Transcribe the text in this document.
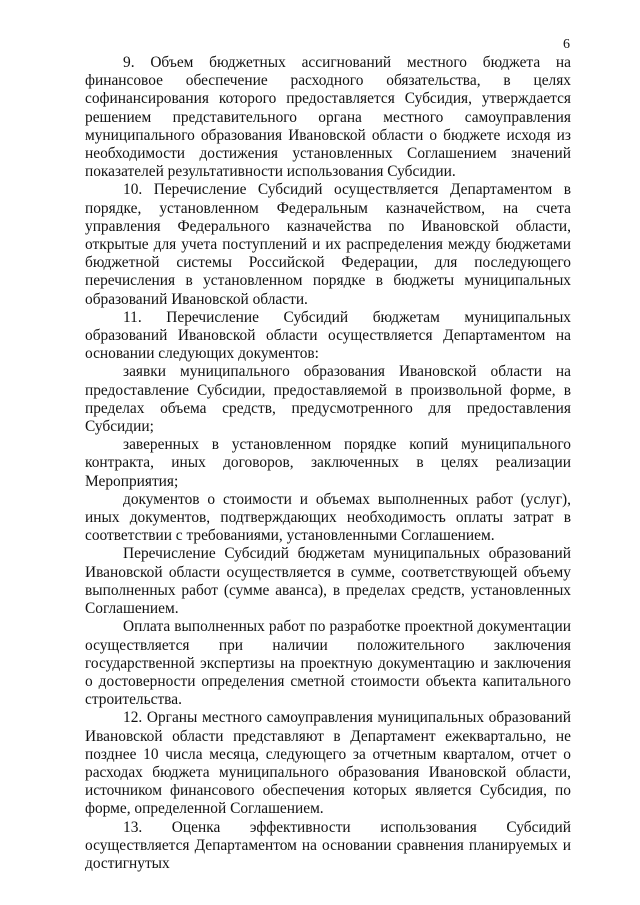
6

9. Объем бюджетных ассигнований местного бюджета на финансовое обеспечение расходного обязательства, в целях софинансирования которого предоставляется Субсидия, утверждается решением представительного органа местного самоуправления муниципального образования Ивановской области о бюджете исходя из необходимости достижения установленных Соглашением значений показателей результативности использования Субсидии.

10. Перечисление Субсидий осуществляется Департаментом в порядке, установленном Федеральным казначейством, на счета управления Федерального казначейства по Ивановской области, открытые для учета поступлений и их распределения между бюджетами бюджетной системы Российской Федерации, для последующего перечисления в установленном порядке в бюджеты муниципальных образований Ивановской области.

11. Перечисление Субсидий бюджетам муниципальных образований Ивановской области осуществляется Департаментом на основании следующих документов:

заявки муниципального образования Ивановской области на предоставление Субсидии, предоставляемой в произвольной форме, в пределах объема средств, предусмотренного для предоставления Субсидии;

заверенных в установленном порядке копий муниципального контракта, иных договоров, заключенных в целях реализации Мероприятия;

документов о стоимости и объемах выполненных работ (услуг), иных документов, подтверждающих необходимость оплаты затрат в соответствии с требованиями, установленными Соглашением.

Перечисление Субсидий бюджетам муниципальных образований Ивановской области осуществляется в сумме, соответствующей объему выполненных работ (сумме аванса), в пределах средств, установленных Соглашением.

Оплата выполненных работ по разработке проектной документации осуществляется при наличии положительного заключения государственной экспертизы на проектную документацию и заключения о достоверности определения сметной стоимости объекта капитального строительства.

12. Органы местного самоуправления муниципальных образований Ивановской области представляют в Департамент ежеквартально, не позднее 10 числа месяца, следующего за отчетным кварталом, отчет о расходах бюджета муниципального образования Ивановской области, источником финансового обеспечения которых является Субсидия, по форме, определенной Соглашением.

13. Оценка эффективности использования Субсидий осуществляется Департаментом на основании сравнения планируемых и достигнутых
